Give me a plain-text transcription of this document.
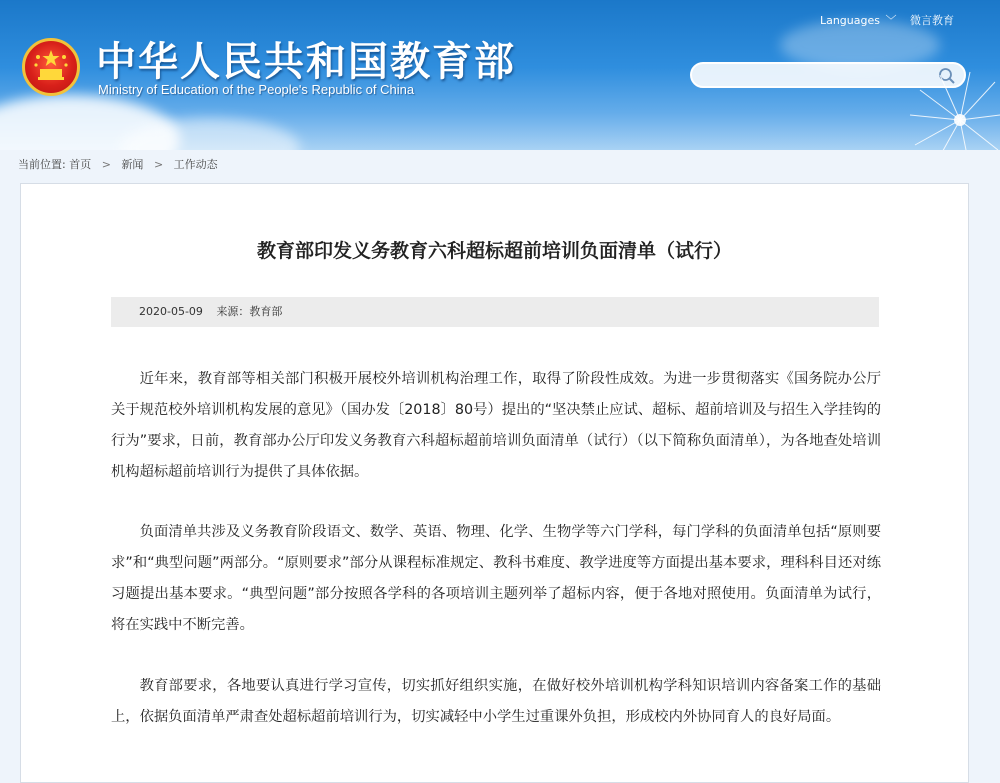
中华人民共和国教育部
Ministry of Education of the People's Republic of China
Languages ﹀ 微言教育
当前位置: 首页 > 新闻 > 工作动态
教育部印发义务教育六科超标超前培训负面清单（试行）
2020-05-09 来源：教育部

近年来，教育部等相关部门积极开展校外培训机构治理工作，取得了阶段性成效。为进一步贯彻落实《国务院办公厅关于规范校外培训机构发展的意见》（国办发〔2018〕80号）提出的“坚决禁止应试、超标、超前培训及与招生入学挂钩的行为”要求，日前，教育部办公厅印发义务教育六科超标超前培训负面清单（试行）（以下简称负面清单），为各地查处培训机构超标超前培训行为提供了具体依据。

负面清单共涉及义务教育阶段语文、数学、英语、物理、化学、生物学等六门学科，每门学科的负面清单包括“原则要求”和“典型问题”两部分。“原则要求”部分从课程标准规定、教科书难度、教学进度等方面提出基本要求，理科科目还对练习题提出基本要求。“典型问题”部分按照各学科的各项培训主题列举了超标内容，便于各地对照使用。负面清单为试行，将在实践中不断完善。

教育部要求，各地要认真进行学习宣传，切实抓好组织实施，在做好校外培训机构学科知识培训内容备案工作的基础上，依据负面清单严肃查处超标超前培训行为，切实减轻中小学生过重课外负担，形成校内外协同育人的良好局面。
